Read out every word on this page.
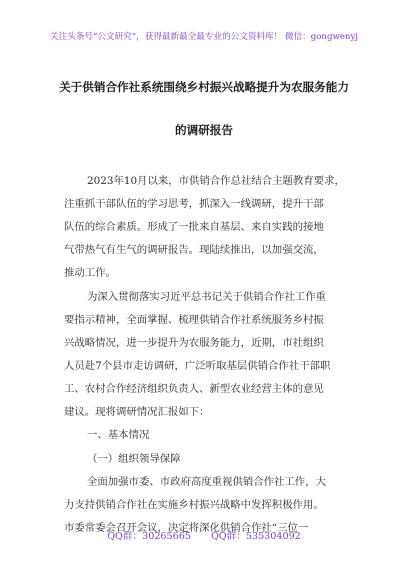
关注头条号“公文研究”，获得最新最全最专业的公文资料库！ 微信：gongwenyj
关于供销合作社系统围绕乡村振兴战略提升为农服务能力
的调研报告
2023年10月以来，市供销合作总社结合主题教育要求，
注重抓干部队伍的学习思考，抓深入一线调研，提升干部
队伍的综合素质。形成了一批来自基层、来自实践的接地
气带热气有生气的调研报告。现陆续推出，以加强交流，
推动工作。
为深入贯彻落实习近平总书记关于供销合作社工作重
要指示精神，全面掌握、梳理供销合作社系统服务乡村振
兴战略情况，进一步提升为农服务能力，近期，市社组织
人员赴7个县市走访调研，广泛听取基层供销合作社干部职
工、农村合作经济组织负责人、新型农业经营主体的意见
建议。现将调研情况汇报如下：
一、基本情况
（一）组织领导保障
全面加强市委、市政府高度重视供销合作社工作，大
力支持供销合作社在实施乡村振兴战略中发挥积极作用。
市委常委会召开会议，决定将深化供销合作社“三位一
QQ群：30265665 QQ群：535304092
